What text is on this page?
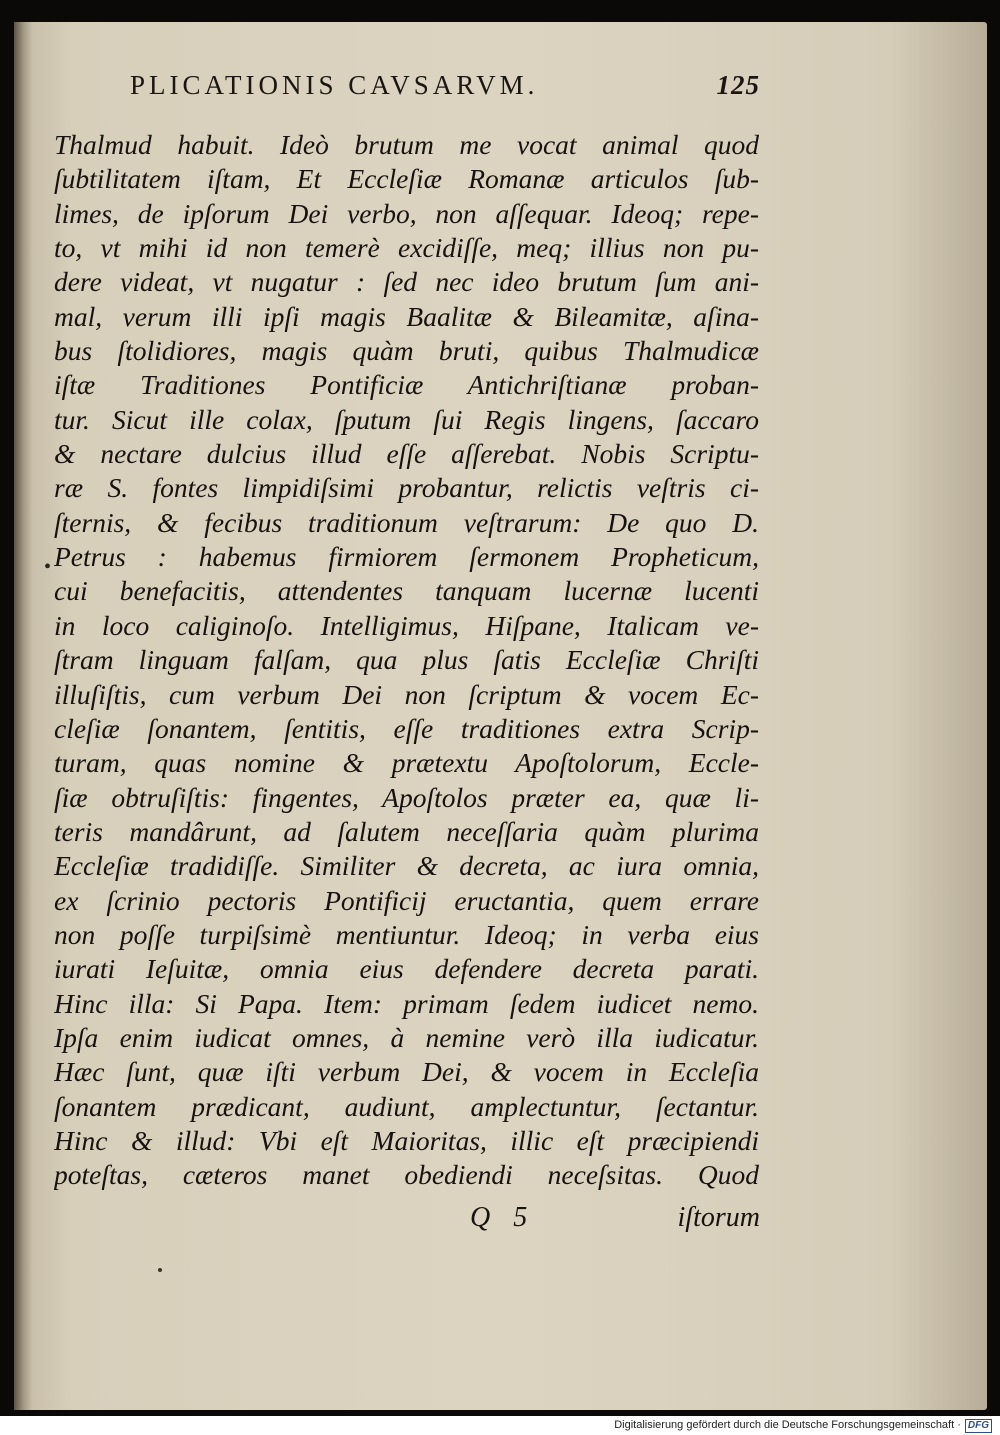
PLICATIONIS CAVSARVM.	125
•
Thalmud habuit. Ideò brutum me vocat animal quod
ſubtilitatem iſtam, Et Eccleſiæ Romanæ articulos ſub-
limes, de ipſorum Dei verbo, non aſſequar. Ideoq; repe-
to, vt mihi id non temerè excidiſſe, meq; illius non pu-
dere videat, vt nugatur : ſed nec ideo brutum ſum ani-
mal, verum illi ipſi magis Baalitæ & Bileamitæ, aſina-
bus ſtolidiores, magis quàm bruti, quibus Thalmudicæ
iſtæ Traditiones Pontificiæ Antichriſtianæ proban-
tur. Sicut ille colax, ſputum ſui Regis lingens, ſaccaro
& nectare dulcius illud eſſe aſſerebat. Nobis Scriptu-
ræ S. fontes limpidiſsimi probantur, relictis veſtris ci-
ſternis, & fecibus traditionum veſtrarum: De quo D.
Petrus : habemus firmiorem ſermonem Propheticum,
cui benefacitis, attendentes tanquam lucernæ lucenti
in loco caliginoſo. Intelligimus, Hiſpane, Italicam ve-
ſtram linguam falſam, qua plus ſatis Eccleſiæ Chriſti
illuſiſtis, cum verbum Dei non ſcriptum & vocem Ec-
cleſiæ ſonantem, ſentitis, eſſe traditiones extra Scrip-
turam, quas nomine & prætextu Apoſtolorum, Eccle-
ſiæ obtruſiſtis: fingentes, Apoſtolos præter ea, quæ li-
teris mandârunt, ad ſalutem neceſſaria quàm plurima
Eccleſiæ tradidiſſe. Similiter & decreta, ac iura omnia,
ex ſcrinio pectoris Pontificij eructantia, quem errare
non poſſe turpiſsimè mentiuntur. Ideoq; in verba eius
iurati Ieſuitæ, omnia eius defendere decreta parati.
Hinc illa: Si Papa. Item: primam ſedem iudicet nemo.
Ipſa enim iudicat omnes, à nemine verò illa iudicatur.
Hæc ſunt, quæ iſti verbum Dei, & vocem in Eccleſia
ſonantem prædicant, audiunt, amplectuntur, ſectantur.
Hinc & illud: Vbi eſt Maioritas, illic eſt præcipiendi
poteſtas, cæteros manet obediendi neceſsitas. Quod
Q 5	iſtorum
Digitalisierung gefördert durch die Deutsche Forschungsgemeinschaft · DFG
